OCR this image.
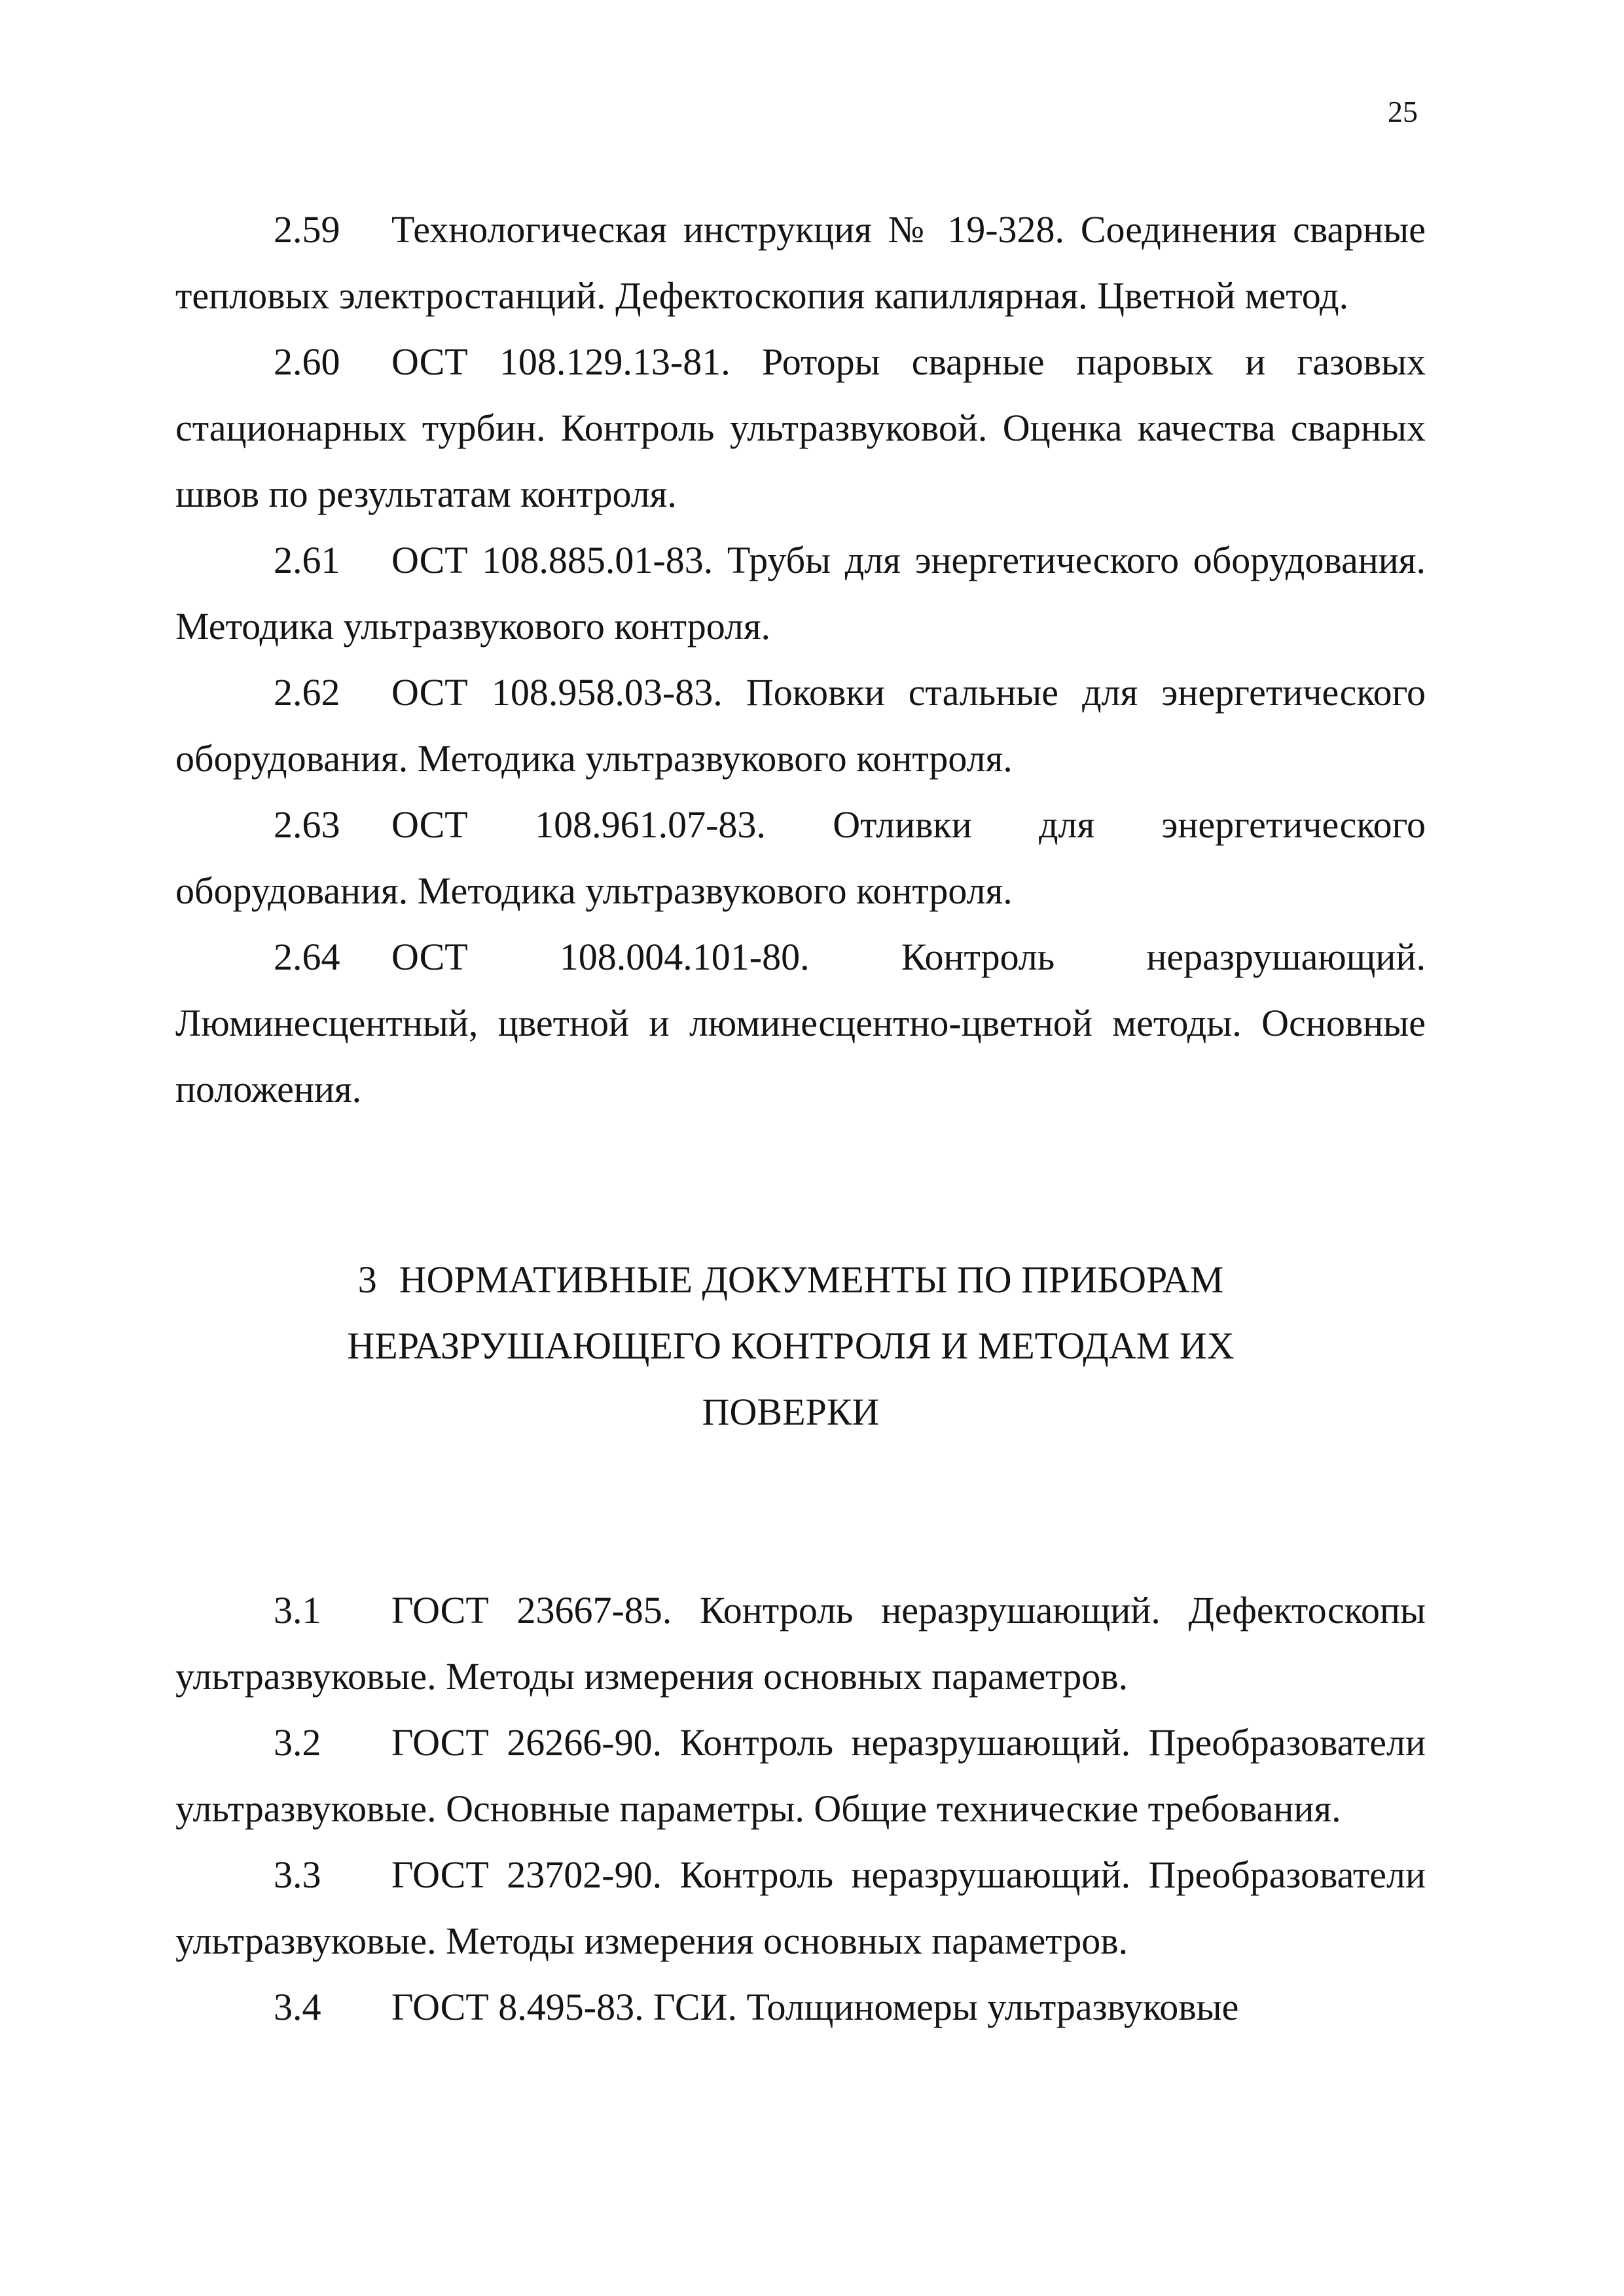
25

2.59 Технологическая инструкция № 19-328. Соединения сварные тепловых электростанций. Дефектоскопия капиллярная. Цветной метод.

2.60 ОСТ 108.129.13-81. Роторы сварные паровых и газовых стационарных турбин. Контроль ультразвуковой. Оценка качества сварных швов по результатам контроля.

2.61 ОСТ 108.885.01-83. Трубы для энергетического оборудования. Методика ультразвукового контроля.

2.62 ОСТ 108.958.03-83. Поковки стальные для энергетического оборудования. Методика ультразвукового контроля.

2.63 ОСТ 108.961.07-83. Отливки для энергетического оборудования. Методика ультразвукового контроля.

2.64 ОСТ 108.004.101-80. Контроль неразрушающий. Люминесцентный, цветной и люминесцентно-цветной методы. Основные положения.

3 НОРМАТИВНЫЕ ДОКУМЕНТЫ ПО ПРИБОРАМ НЕРАЗРУШАЮЩЕГО КОНТРОЛЯ И МЕТОДАМ ИХ ПОВЕРКИ

3.1 ГОСТ 23667-85. Контроль неразрушающий. Дефектоскопы ультразвуковые. Методы измерения основных параметров.

3.2 ГОСТ 26266-90. Контроль неразрушающий. Преобразователи ультразвуковые. Основные параметры. Общие технические требования.

3.3 ГОСТ 23702-90. Контроль неразрушающий. Преобразователи ультразвуковые. Методы измерения основных параметров.

3.4 ГОСТ 8.495-83. ГСИ. Толщиномеры ультразвуковые
